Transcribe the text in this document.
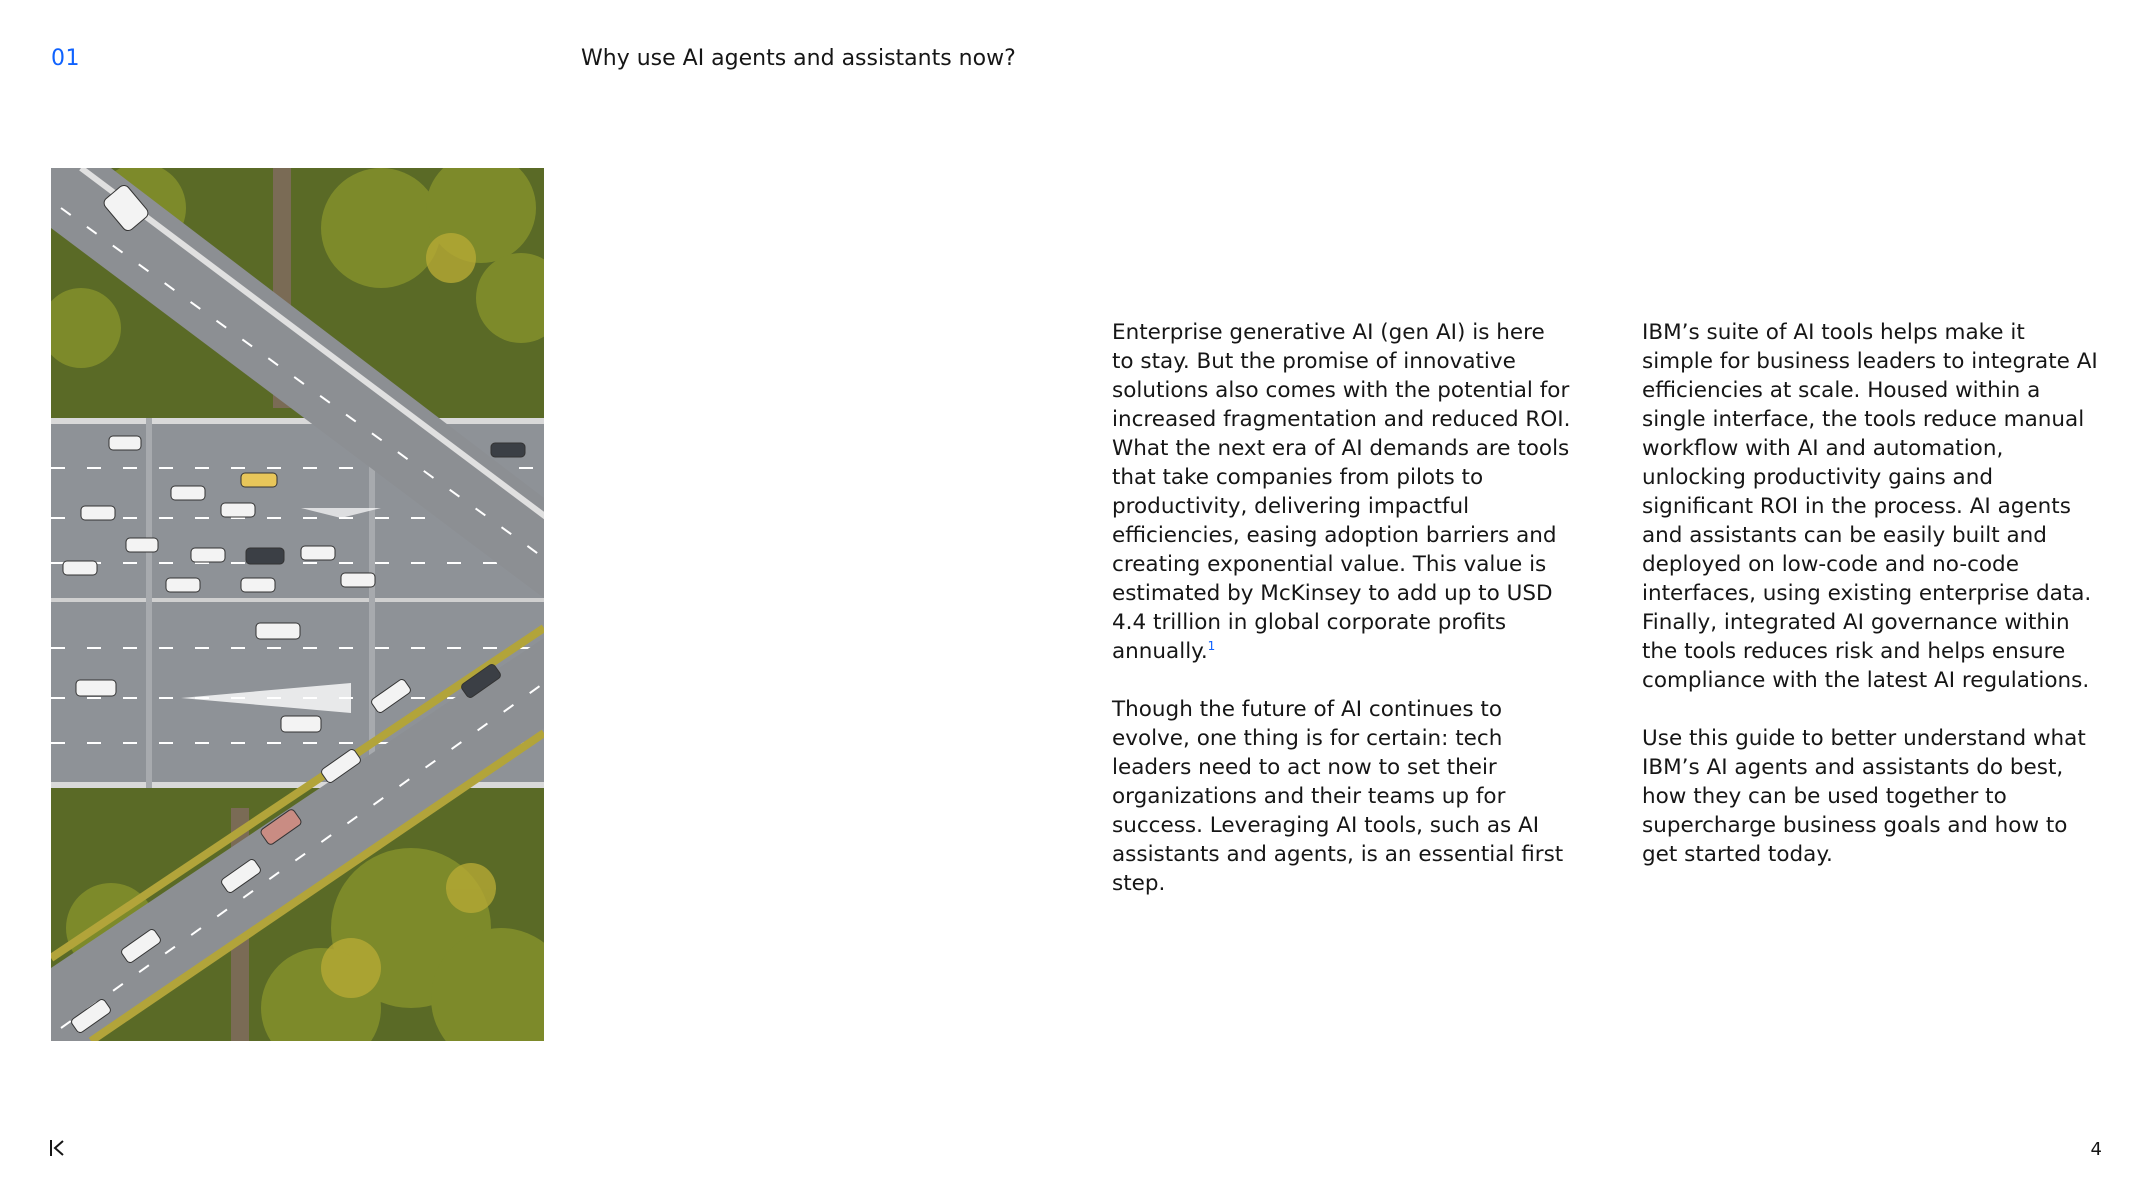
01	Why use AI agents and assistants now?

Enterprise generative AI (gen AI) is here to stay. But the promise of innovative solutions also comes with the potential for increased fragmentation and reduced ROI. What the next era of AI demands are tools that take companies from pilots to productivity, delivering impactful efficiencies, easing adoption barriers and creating exponential value. This value is estimated by McKinsey to add up to USD 4.4 trillion in global corporate profits annually.$^1$

Though the future of AI continues to evolve, one thing is for certain: tech leaders need to act now to set their organizations and their teams up for success. Leveraging AI tools, such as AI assistants and agents, is an essential first step.

IBM’s suite of AI tools helps make it simple for business leaders to integrate AI efficiencies at scale. Housed within a single interface, the tools reduce manual workflow with AI and automation, unlocking productivity gains and significant ROI in the process. AI agents and assistants can be easily built and deployed on low-code and no-code interfaces, using existing enterprise data. Finally, integrated AI governance within the tools reduces risk and helps ensure compliance with the latest AI regulations.

Use this guide to better understand what IBM’s AI agents and assistants do best, how they can be used together to supercharge business goals and how to get started today.

4
